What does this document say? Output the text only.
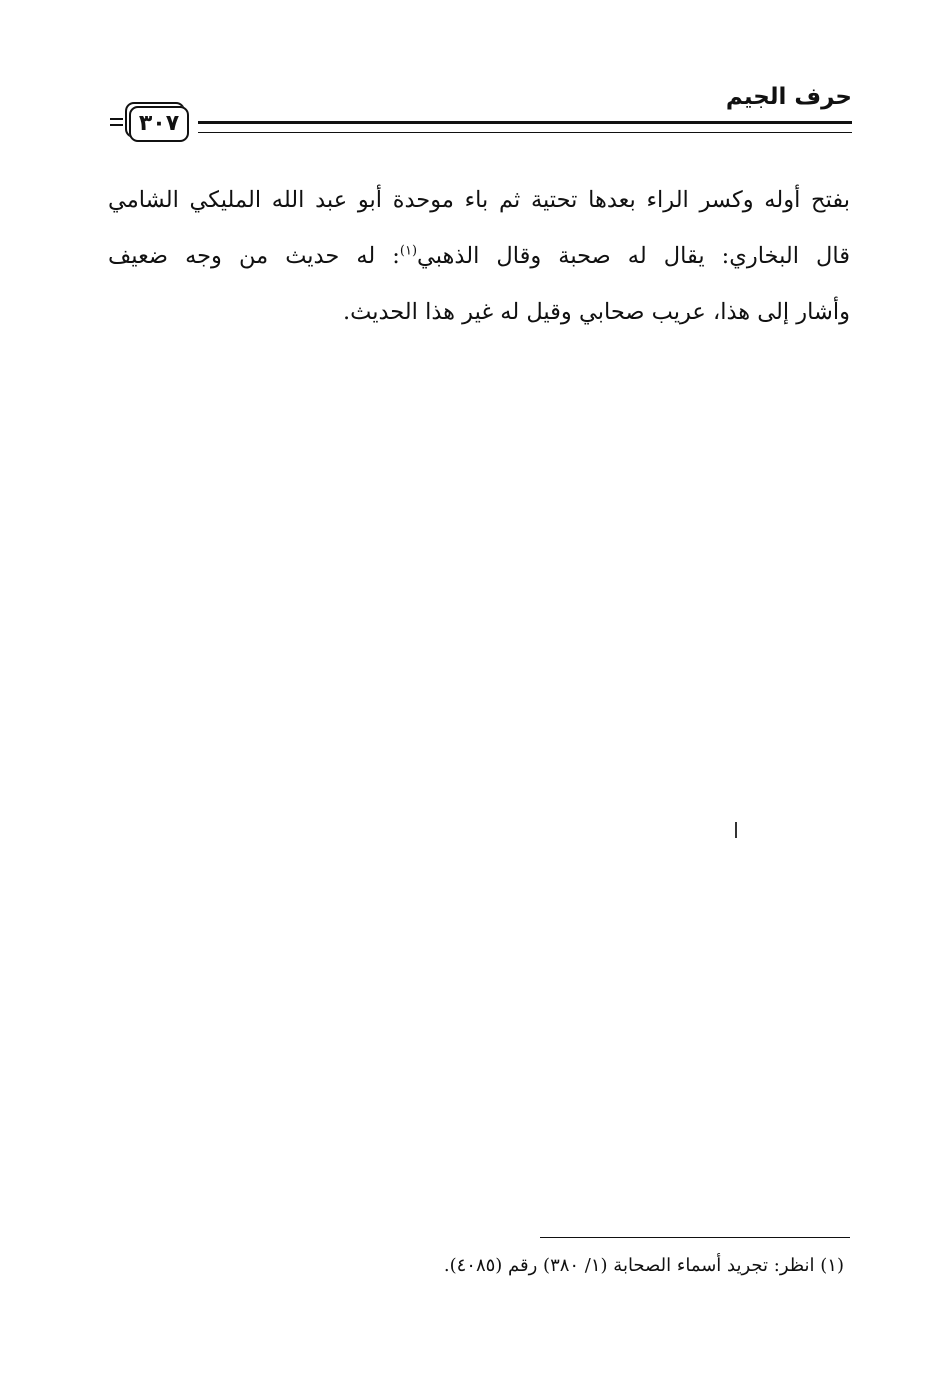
حرف الجيم
٣٠٧
بفتح أوله وكسر الراء بعدها تحتية ثم باء موحدة أبو عبد الله المليكي الشامي
قال البخاري: يقال له صحبة وقال الذهبي$^{(١)}$: له حديث من وجه ضعيف
وأشار إلى هذا، عريب صحابي وقيل له غير هذا الحديث.
(١) انظر: تجريد أسماء الصحابة (١/ ٣٨٠) رقم (٤٠٨٥).
